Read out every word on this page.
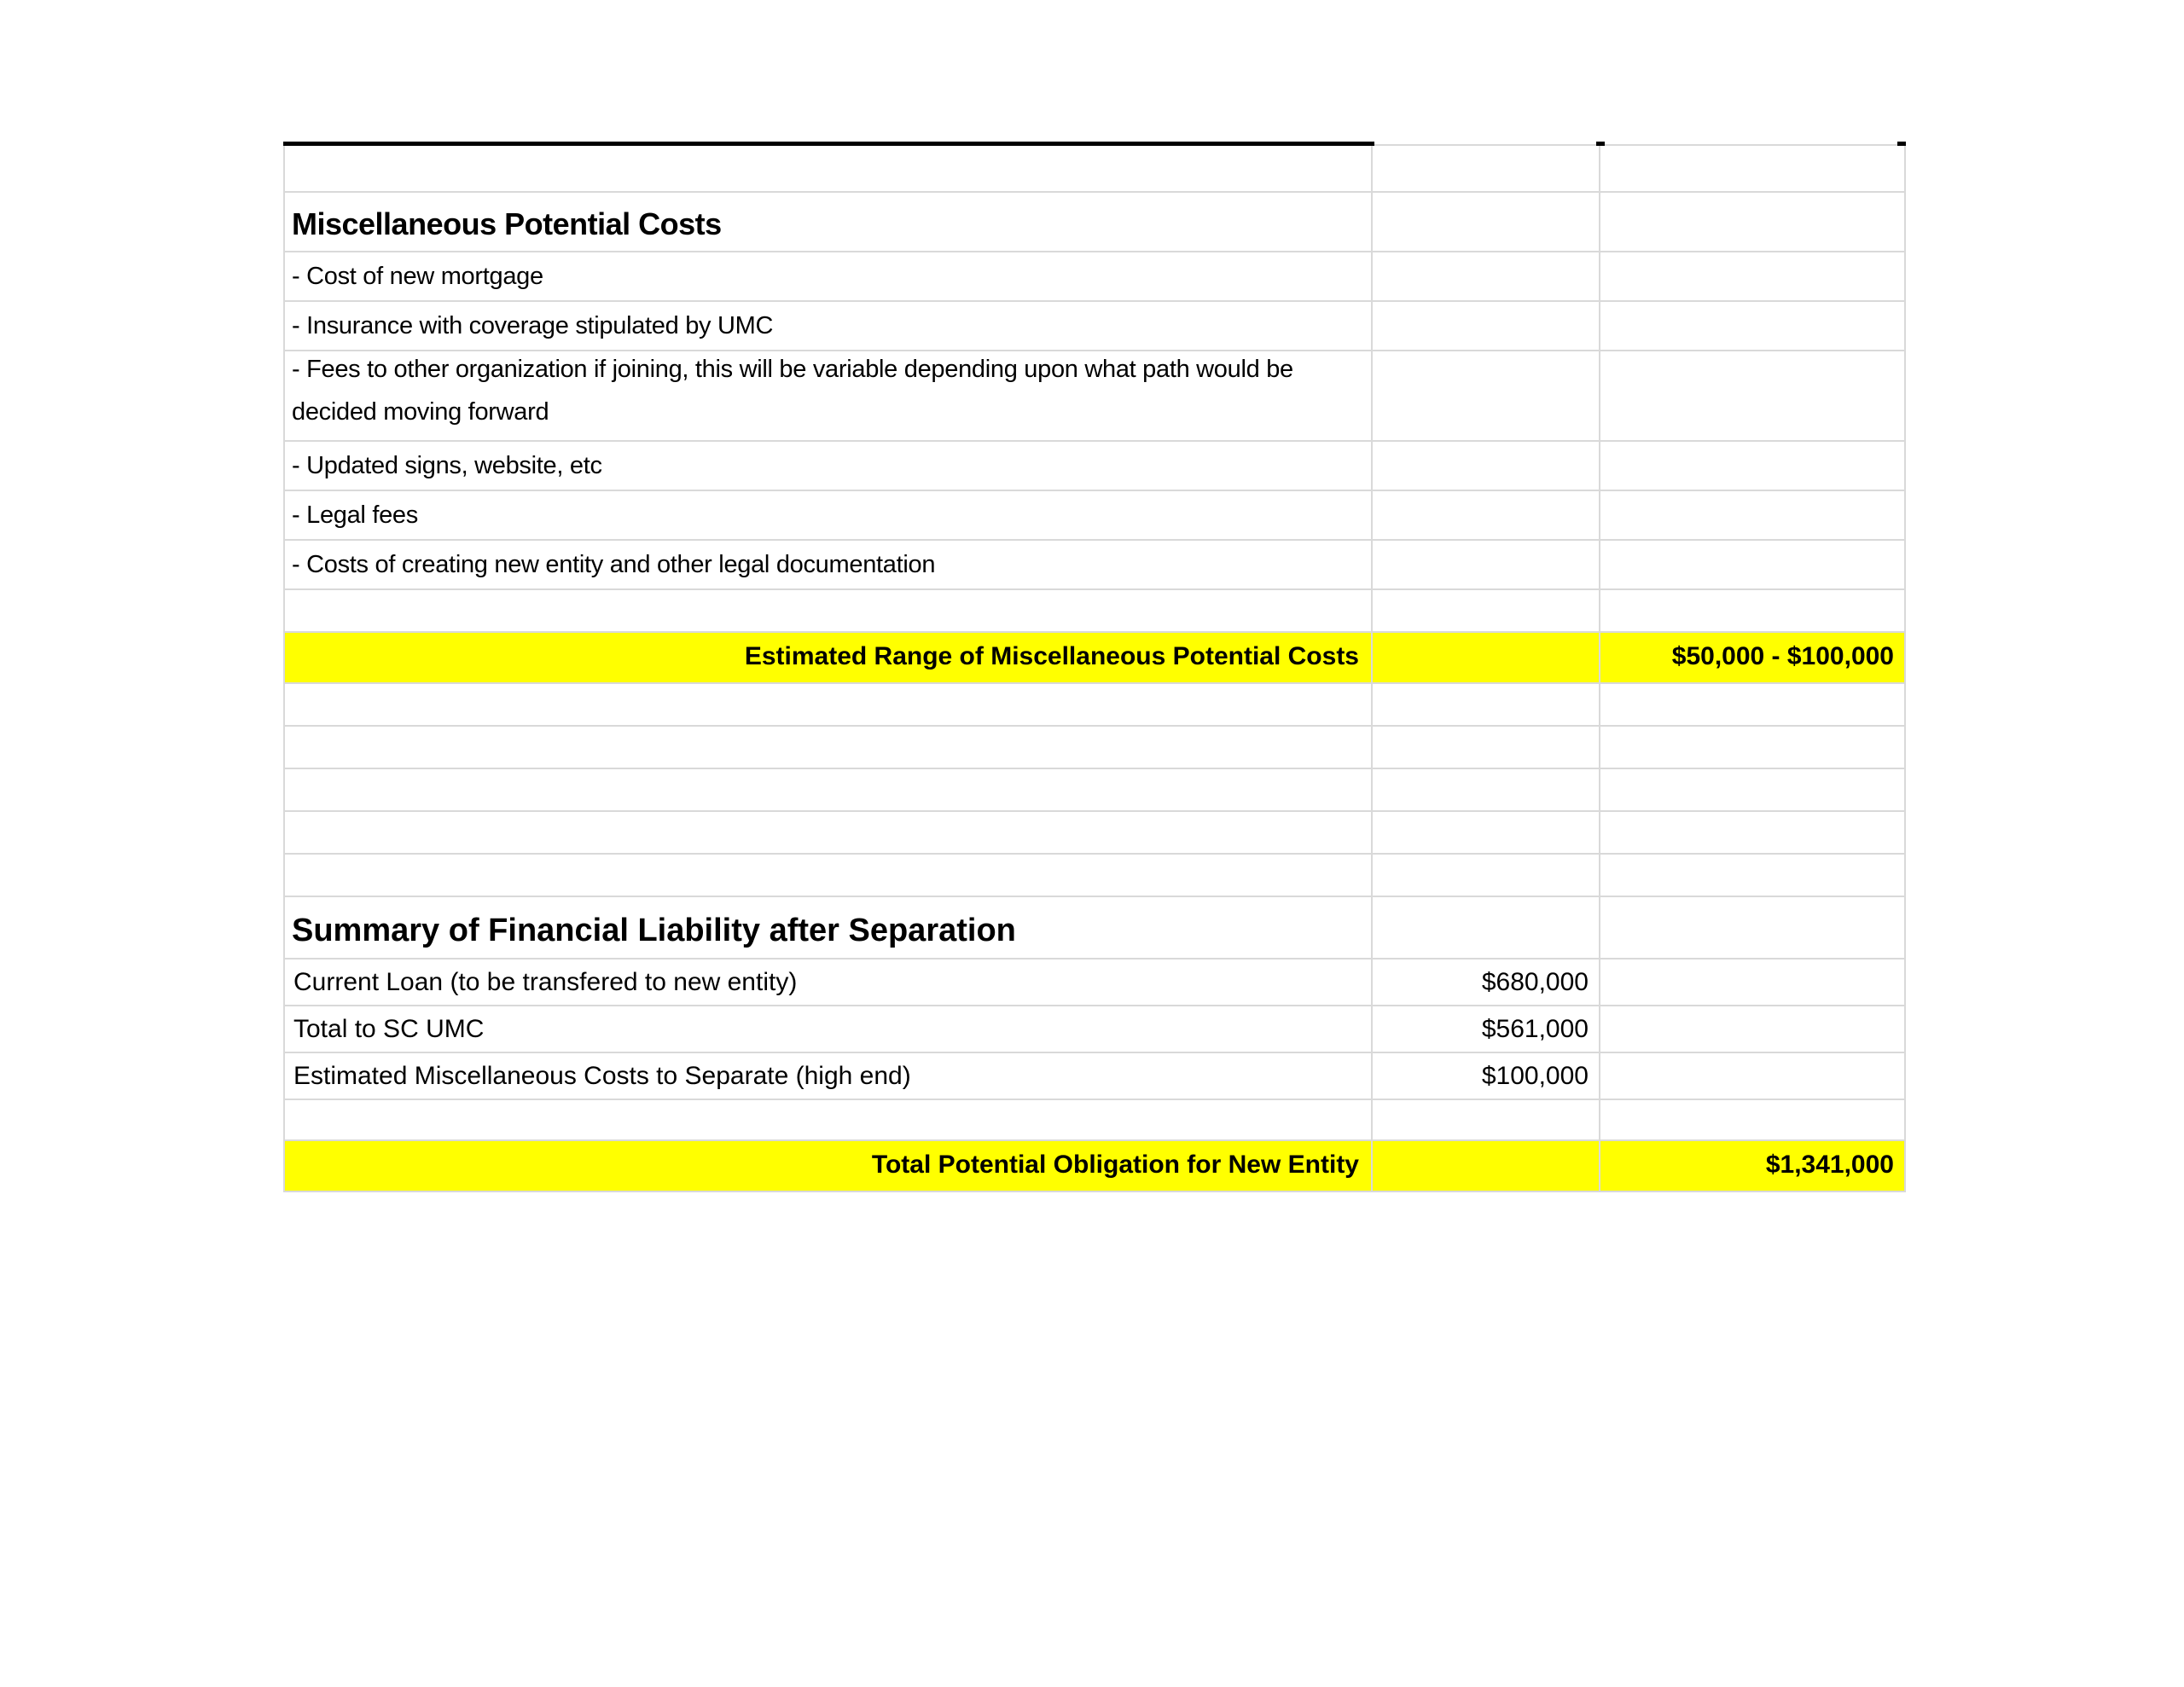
Miscellaneous Potential Costs
- Cost of new mortgage
- Insurance with coverage stipulated by UMC
- Fees to other organization if joining, this will be variable depending upon what path would be decided moving forward
- Updated signs, website, etc
- Legal fees
- Costs of creating new entity and other legal documentation
Estimated Range of Miscellaneous Potential Costs	$50,000 - $100,000
Summary of Financial Liability after Separation
Current Loan (to be transfered to new entity)	$680,000
Total to SC UMC	$561,000
Estimated Miscellaneous Costs to Separate (high end)	$100,000
Total Potential Obligation for New Entity	$1,341,000
